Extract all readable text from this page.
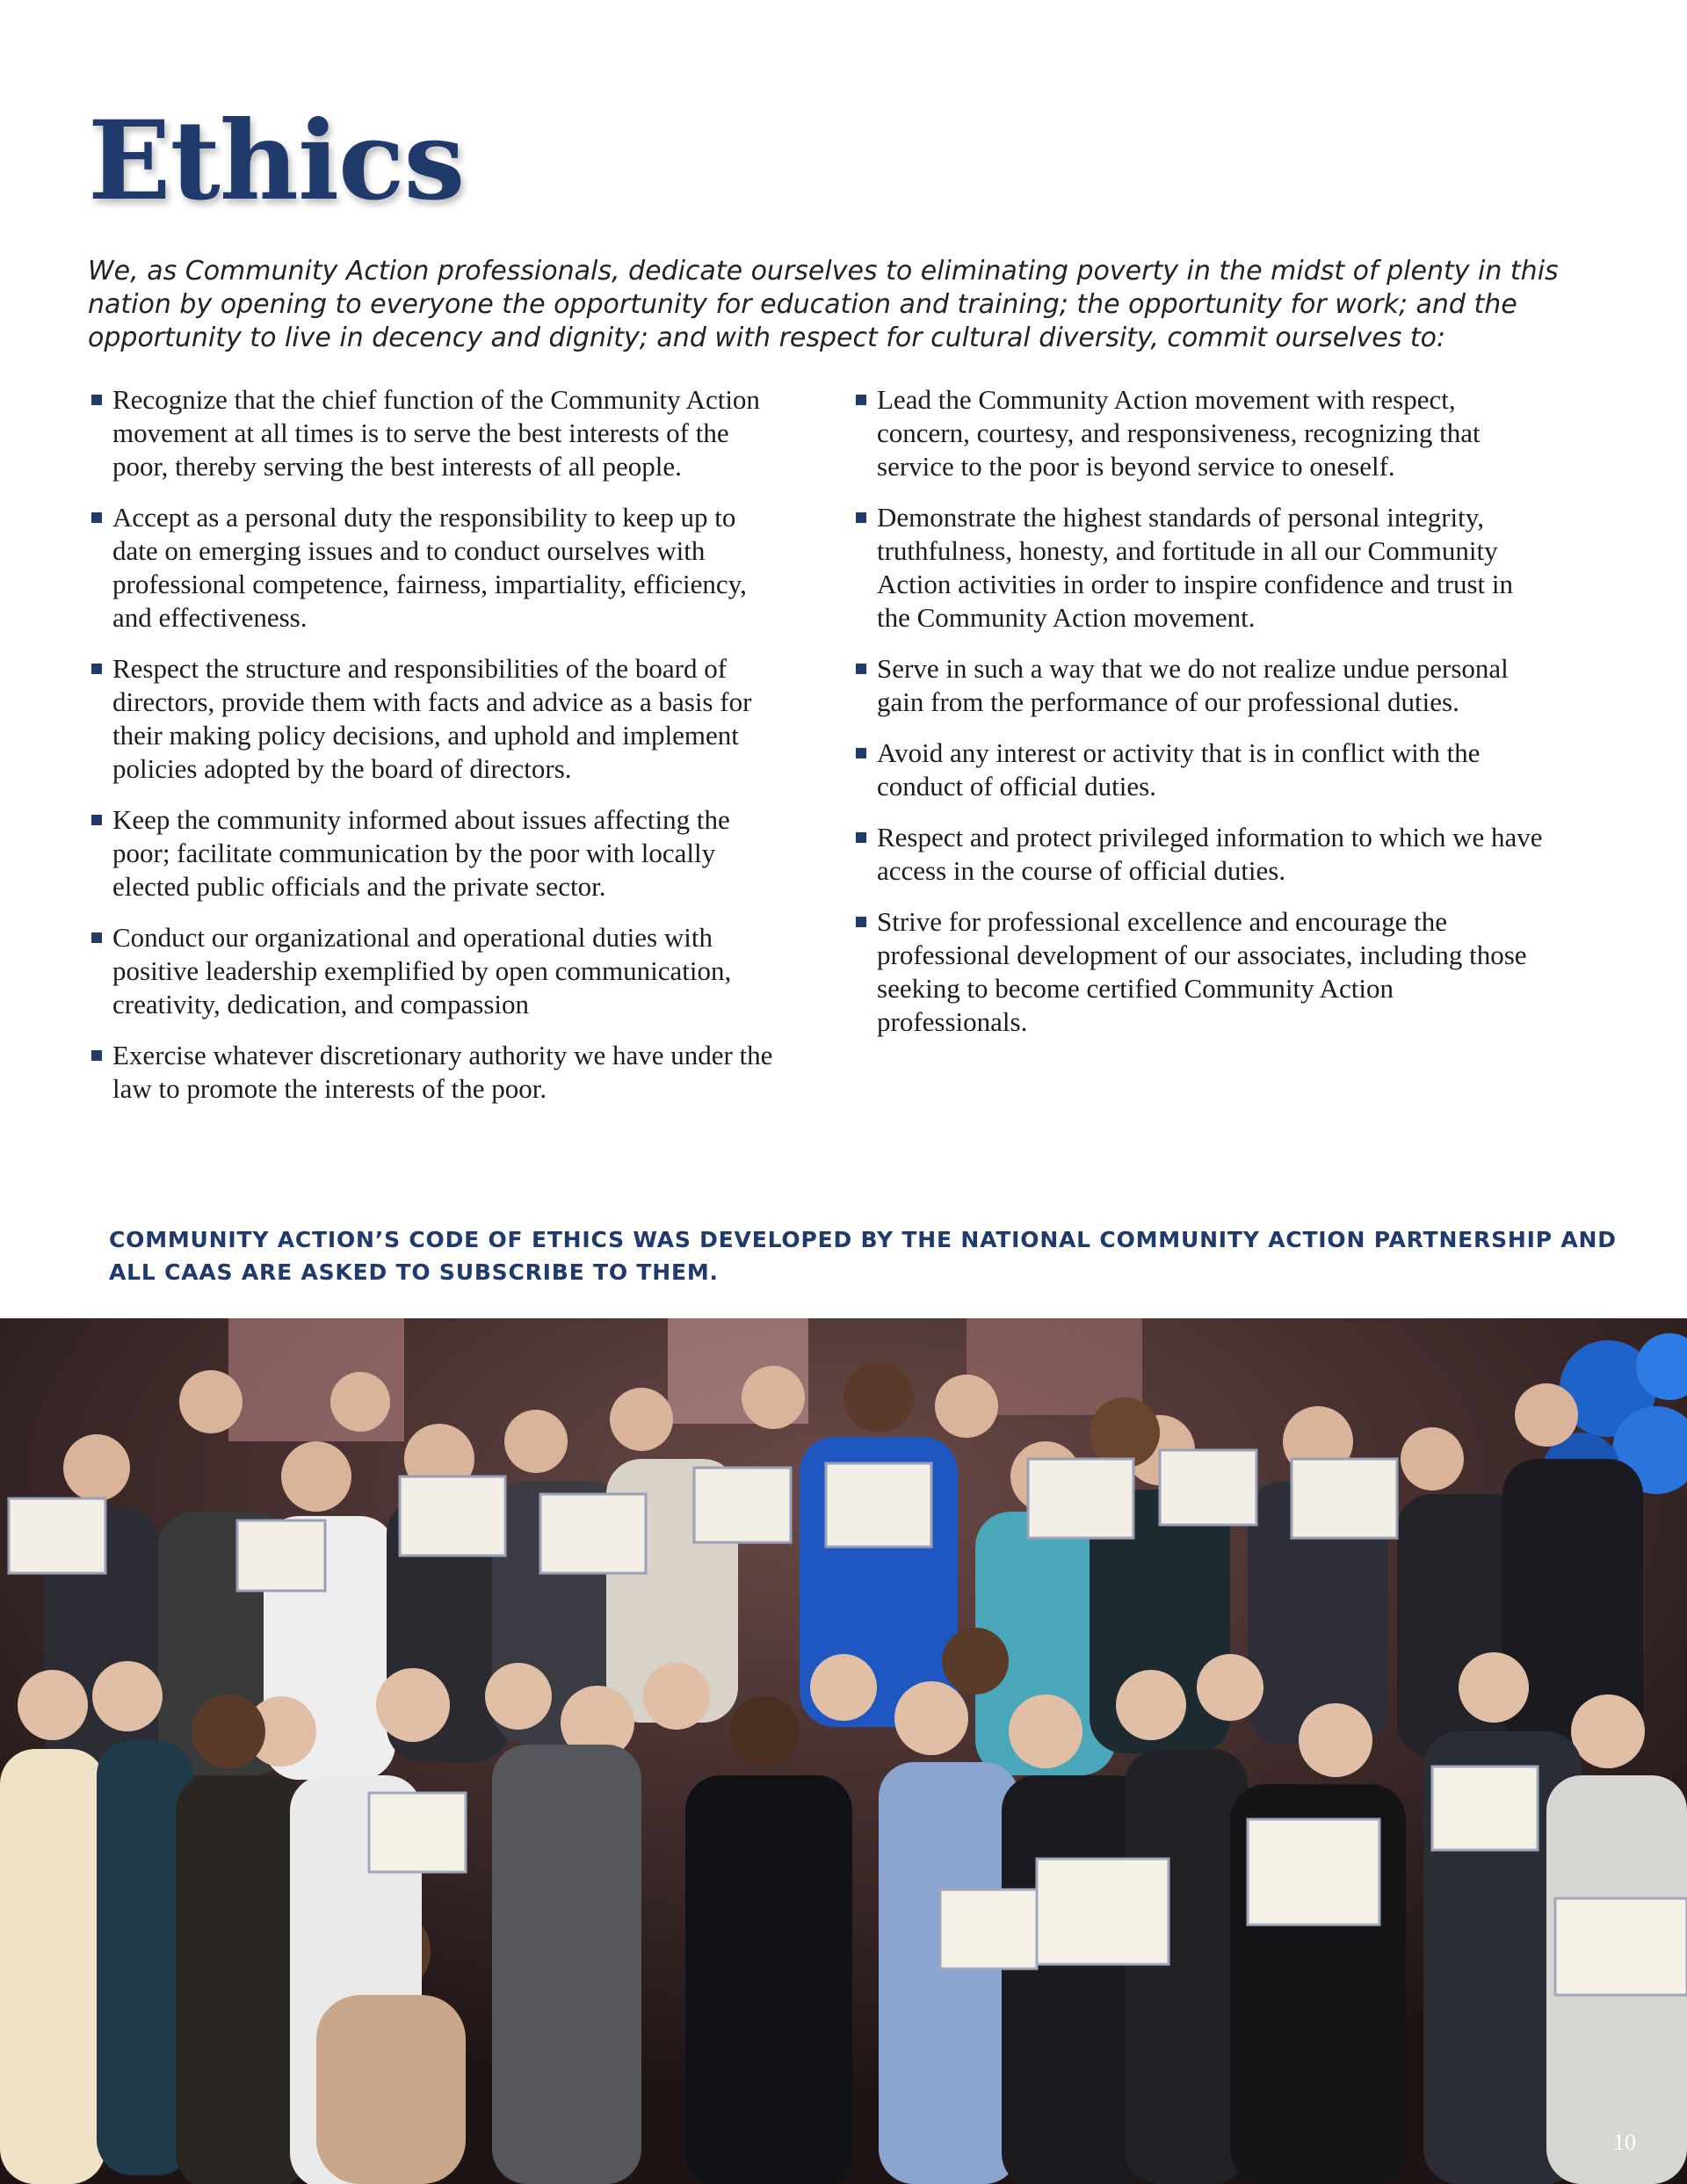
Ethics

We, as Community Action professionals, dedicate ourselves to eliminating poverty in the midst of plenty in this nation by opening to everyone the opportunity for education and training; the opportunity for work; and the opportunity to live in decency and dignity; and with respect for cultural diversity, commit ourselves to:

Recognize that the chief function of the Community Action movement at all times is to serve the best interests of the poor, thereby serving the best interests of all people.
Accept as a personal duty the responsibility to keep up to date on emerging issues and to conduct ourselves with professional competence, fairness, impartiality, efficiency, and effectiveness.
Respect the structure and responsibilities of the board of directors, provide them with facts and advice as a basis for their making policy decisions, and uphold and implement policies adopted by the board of directors.
Keep the community informed about issues affecting the poor; facilitate communication by the poor with locally elected public officials and the private sector.
Conduct our organizational and operational duties with positive leadership exemplified by open communication, creativity, dedication, and compassion
Exercise whatever discretionary authority we have under the law to promote the interests of the poor.
Lead the Community Action movement with respect, concern, courtesy, and responsiveness, recognizing that service to the poor is beyond service to oneself.
Demonstrate the highest standards of personal integrity, truthfulness, honesty, and fortitude in all our Community Action activities in order to inspire confidence and trust in the Community Action movement.
Serve in such a way that we do not realize undue personal gain from the performance of our professional duties.
Avoid any interest or activity that is in conflict with the conduct of official duties.
Respect and protect privileged information to which we have access in the course of official duties.
Strive for professional excellence and encourage the professional development of our associates, including those seeking to become certified Community Action professionals.

COMMUNITY ACTION’S CODE OF ETHICS WAS DEVELOPED BY THE NATIONAL COMMUNITY ACTION PARTNERSHIP AND ALL CAAS ARE ASKED TO SUBSCRIBE TO THEM.

10
